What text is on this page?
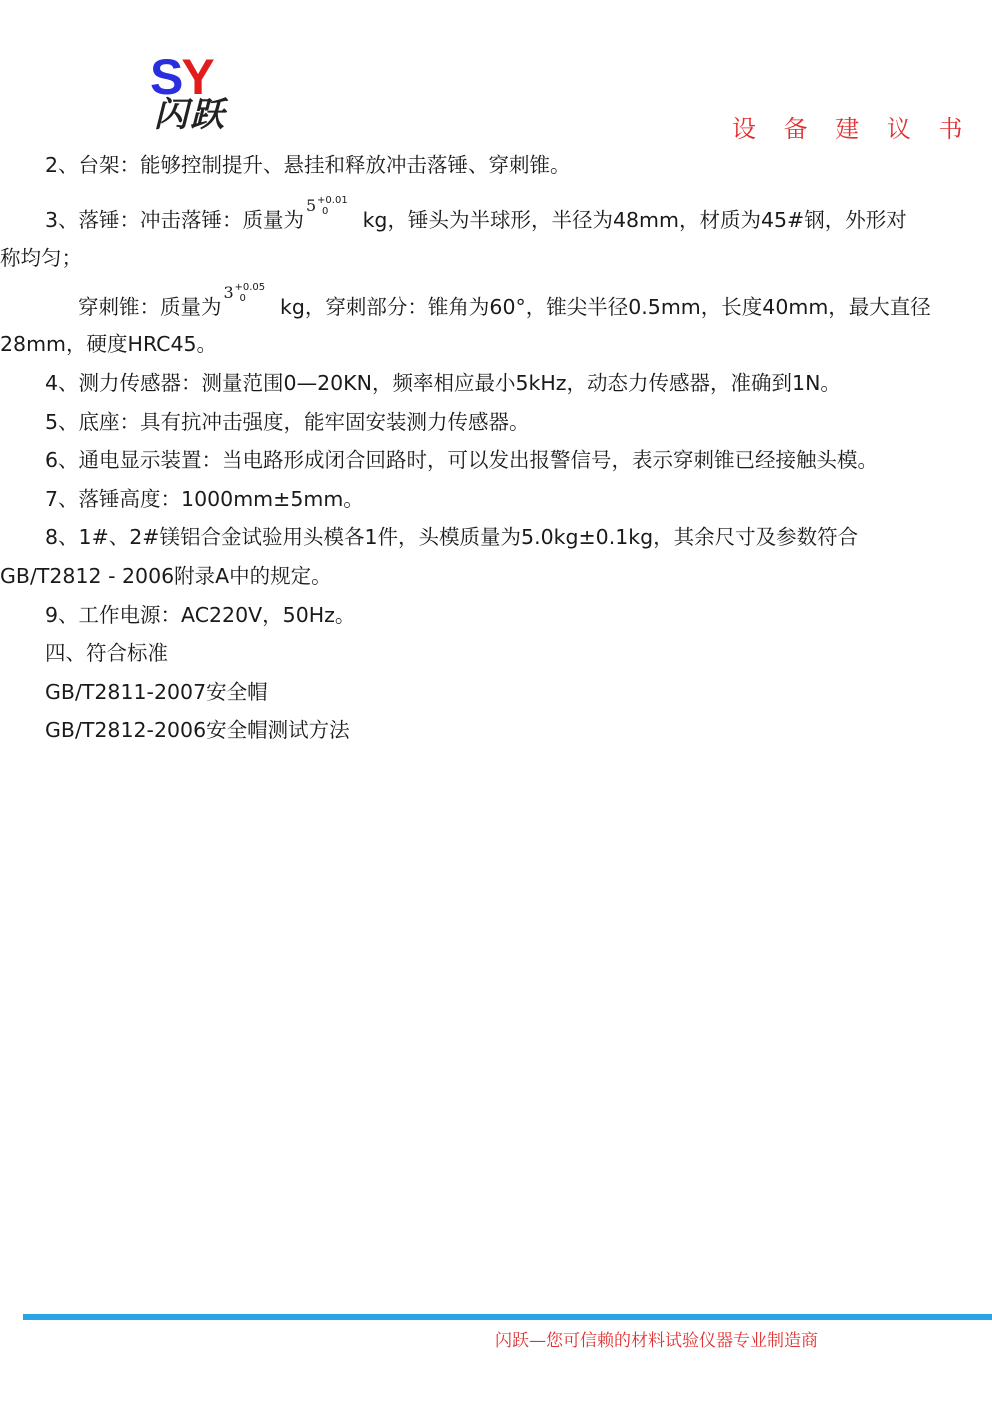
SY
闪跃	设 备 建 议 书
2、台架：能够控制提升、悬挂和释放冲击落锤、穿刺锥。
3、落锤：冲击落锤：质量为
5 +0.01
0 kg，锤头为半球形，半径为48mm，材质为45#钢，外形对
称均匀；
穿刺锥：质量为
3 +0.05
0 kg，穿刺部分：锥角为60°，锥尖半径0.5mm，长度40mm，最大直径
28mm，硬度HRC45。
4、测力传感器：测量范围0—20KN，频率相应最小5kHz，动态力传感器，准确到1N。
5、底座：具有抗冲击强度，能牢固安装测力传感器。
6、通电显示装置：当电路形成闭合回路时，可以发出报警信号，表示穿刺锥已经接触头模。
7、落锤高度：1000mm±5mm。
8、1#、2#镁铝合金试验用头模各1件，头模质量为5.0kg±0.1kg，其余尺寸及参数符合
GB/T2812 - 2006附录A中的规定。
9、工作电源：AC220V，50Hz。
四、符合标准
GB/T2811-2007安全帽
GB/T2812-2006安全帽测试方法
闪跃—您可信赖的材料试验仪器专业制造商
